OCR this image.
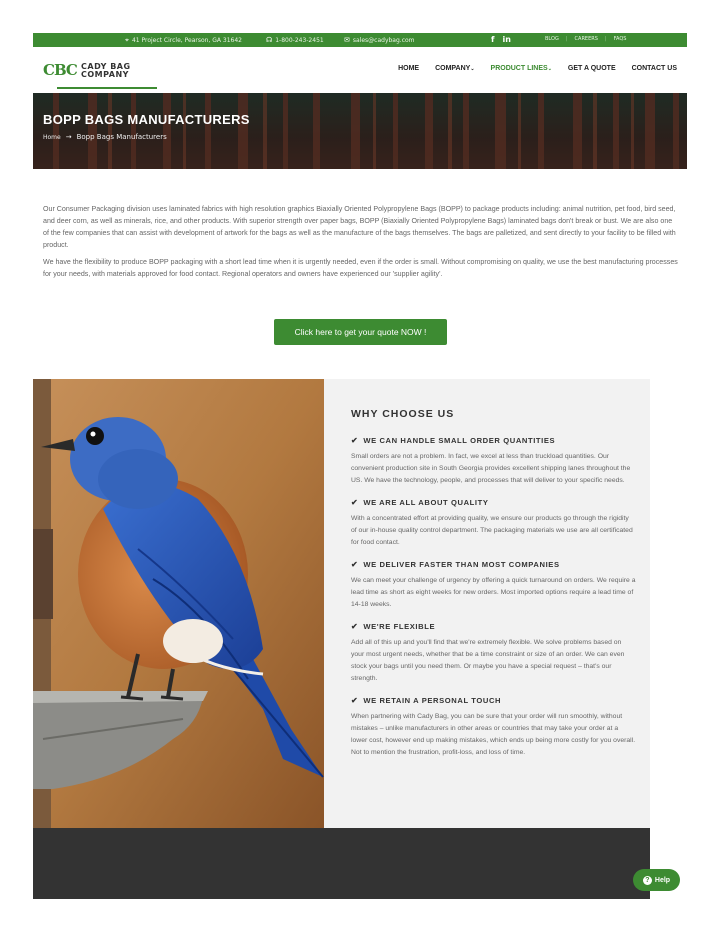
⌖ 41 Project Circle, Pearson, GA 31642	☊ 1-800-243-2451	✉ sales@cadybag.com	f in	BLOG | CAREERS | FAQS
CBC CADY BAG
COMPANY
HOME COMPANY⌄ PRODUCT LINES⌄ GET A QUOTE CONTACT US
BOPP BAGS MANUFACTURERS
Home → Bopp Bags Manufacturers

Our Consumer Packaging division uses laminated fabrics with high resolution graphics Biaxially Oriented Polypropylene Bags (BOPP) to package products including: animal nutrition, pet food, bird seed, and deer corn, as well as minerals, rice, and other products. With superior strength over paper bags, BOPP (Biaxially Oriented Polypropylene Bags) laminated bags don't break or bust. We are also one of the few companies that can assist with development of artwork for the bags as well as the manufacture of the bags themselves. The bags are palletized, and sent directly to your facility to be filled with product.

We have the flexibility to produce BOPP packaging with a short lead time when it is urgently needed, even if the order is small. Without compromising on quality, we use the best manufacturing processes for your needs, with materials approved for food contact. Regional operators and owners have experienced our 'supplier agility'.

Click here to get your quote NOW !
WHY CHOOSE US
✔ WE CAN HANDLE SMALL ORDER QUANTITIES
Small orders are not a problem. In fact, we excel at less than truckload quantities. Our convenient production site in South Georgia provides excellent shipping lanes throughout the US. We have the technology, people, and processes that will deliver to your specific needs.
✔ WE ARE ALL ABOUT QUALITY
With a concentrated effort at providing quality, we ensure our products go through the rigidity of our in-house quality control department. The packaging materials we use are all certificated for food contact.
✔ WE DELIVER FASTER THAN MOST COMPANIES
We can meet your challenge of urgency by offering a quick turnaround on orders. We require a lead time as short as eight weeks for new orders. Most imported options require a lead time of 14-18 weeks.
✔ WE'RE FLEXIBLE
Add all of this up and you'll find that we're extremely flexible. We solve problems based on your most urgent needs, whether that be a time constraint or size of an order. We can even stock your bags until you need them. Or maybe you have a special request – that's our strength.
✔ WE RETAIN A PERSONAL TOUCH
When partnering with Cady Bag, you can be sure that your order will run smoothly, without mistakes – unlike manufacturers in other areas or countries that may take your order at a lower cost, however end up making mistakes, which ends up being more costly for you overall. Not to mention the frustration, profit-loss, and loss of time.
? Help
